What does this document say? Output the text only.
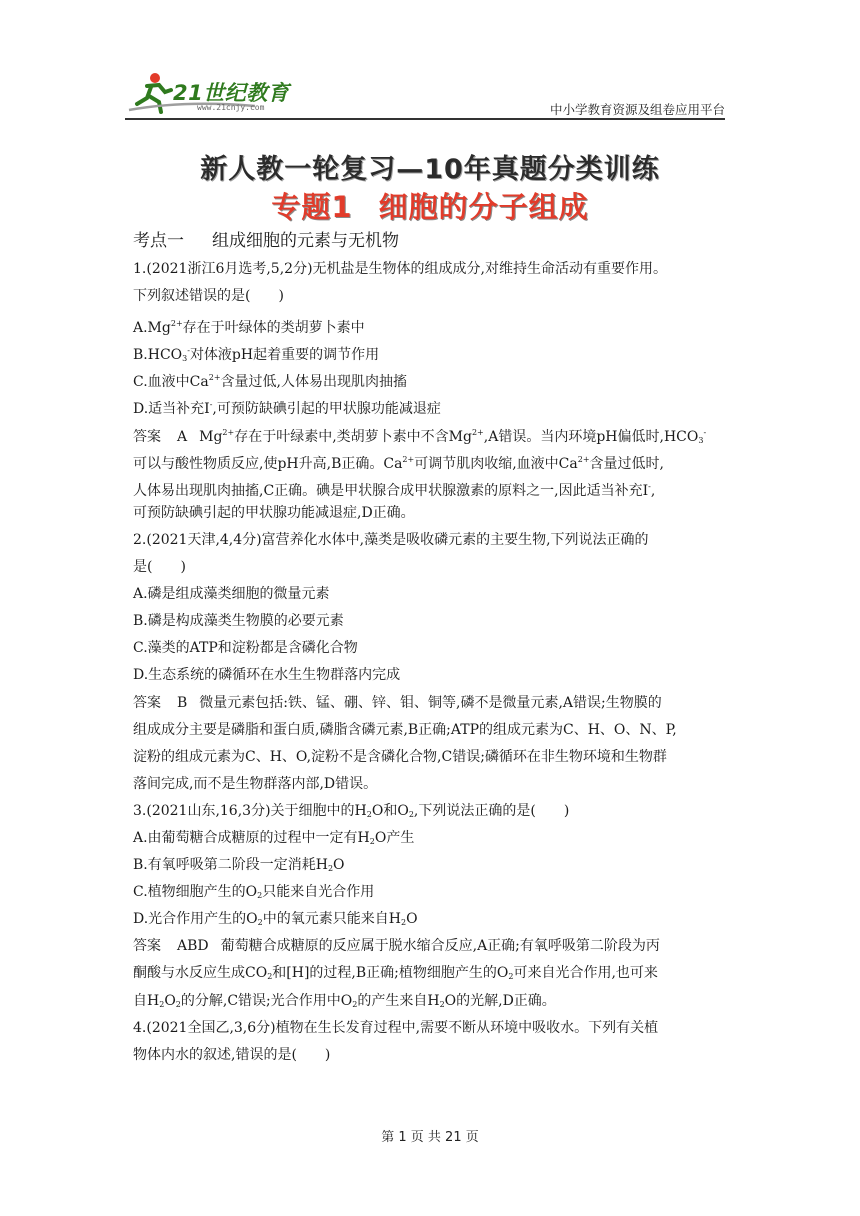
21世纪教育
www.21cnjy.com	中小学教育资源及组卷应用平台
新人教一轮复习—10年真题分类训练
专题1 细胞的分子组成
考点一 组成细胞的元素与无机物
1.(2021浙江6月选考,5,2分)无机盐是生物体的组成成分,对维持生命活动有重要作用。
下列叙述错误的是(　　)
$A.Mg^{2+}$存在于叶绿体的类胡萝卜素中
$B.HCO_3^-$对体液pH起着重要的调节作用
C.血液中$Ca^{2+}$含量过低,人体易出现肌肉抽搐
D.适当补充I-,可预防缺碘引起的甲状腺功能减退症
答案 A $Mg^{2+}$存在于叶绿素中,类胡萝卜素中不含$Mg^{2+},A$错误。当内环境pH偏低时$,HCO_3^-$
可以与酸性物质反应,使pH升高,B正确。$Ca^{2+}$可调节肌肉收缩,血液中$Ca^{2+}$含量过低时,
人体易出现肌肉抽搐,C正确。碘是甲状腺合成甲状腺激素的原料之一,因此适当补充I-,
可预防缺碘引起的甲状腺功能减退症,D正确。
2.(2021天津,4,4分)富营养化水体中,藻类是吸收磷元素的主要生物,下列说法正确的
是(　　)
A.磷是组成藻类细胞的微量元素
B.磷是构成藻类生物膜的必要元素
C.藻类的ATP和淀粉都是含磷化合物
D.生态系统的磷循环在水生生物群落内完成
答案 B 微量元素包括:铁、锰、硼、锌、钼、铜等,磷不是微量元素,A错误;生物膜的
组成成分主要是磷脂和蛋白质,磷脂含磷元素,B正确;ATP的组成元素为C、H、O、N、P,
淀粉的组成元素为C、H、O,淀粉不是含磷化合物,C错误;磷循环在非生物环境和生物群
落间完成,而不是生物群落内部,D错误。
3.(2021山东,16,3分)关于细胞中的$H_2O$和$O_2$,下列说法正确的是(　　)
A.由葡萄糖合成糖原的过程中一定有$H_2O$产生
B.有氧呼吸第二阶段一定消耗$H_2O$
C.植物细胞产生的$O_2$只能来自光合作用
D.光合作用产生的$O_2$中的氧元素只能来自$H_2O$
答案 ABD 葡萄糖合成糖原的反应属于脱水缩合反应,A正确;有氧呼吸第二阶段为丙
酮酸与水反应生成$CO_2$和[H]的过程,B正确;植物细胞产生的$O_2$可来自光合作用,也可来
自$H_2O_2$的分解,C错误;光合作用中$O_2$的产生来自$H_2O$的光解,D正确。
4.(2021全国乙,3,6分)植物在生长发育过程中,需要不断从环境中吸收水。下列有关植
物体内水的叙述,错误的是(　　)
第 1 页 共 21 页
